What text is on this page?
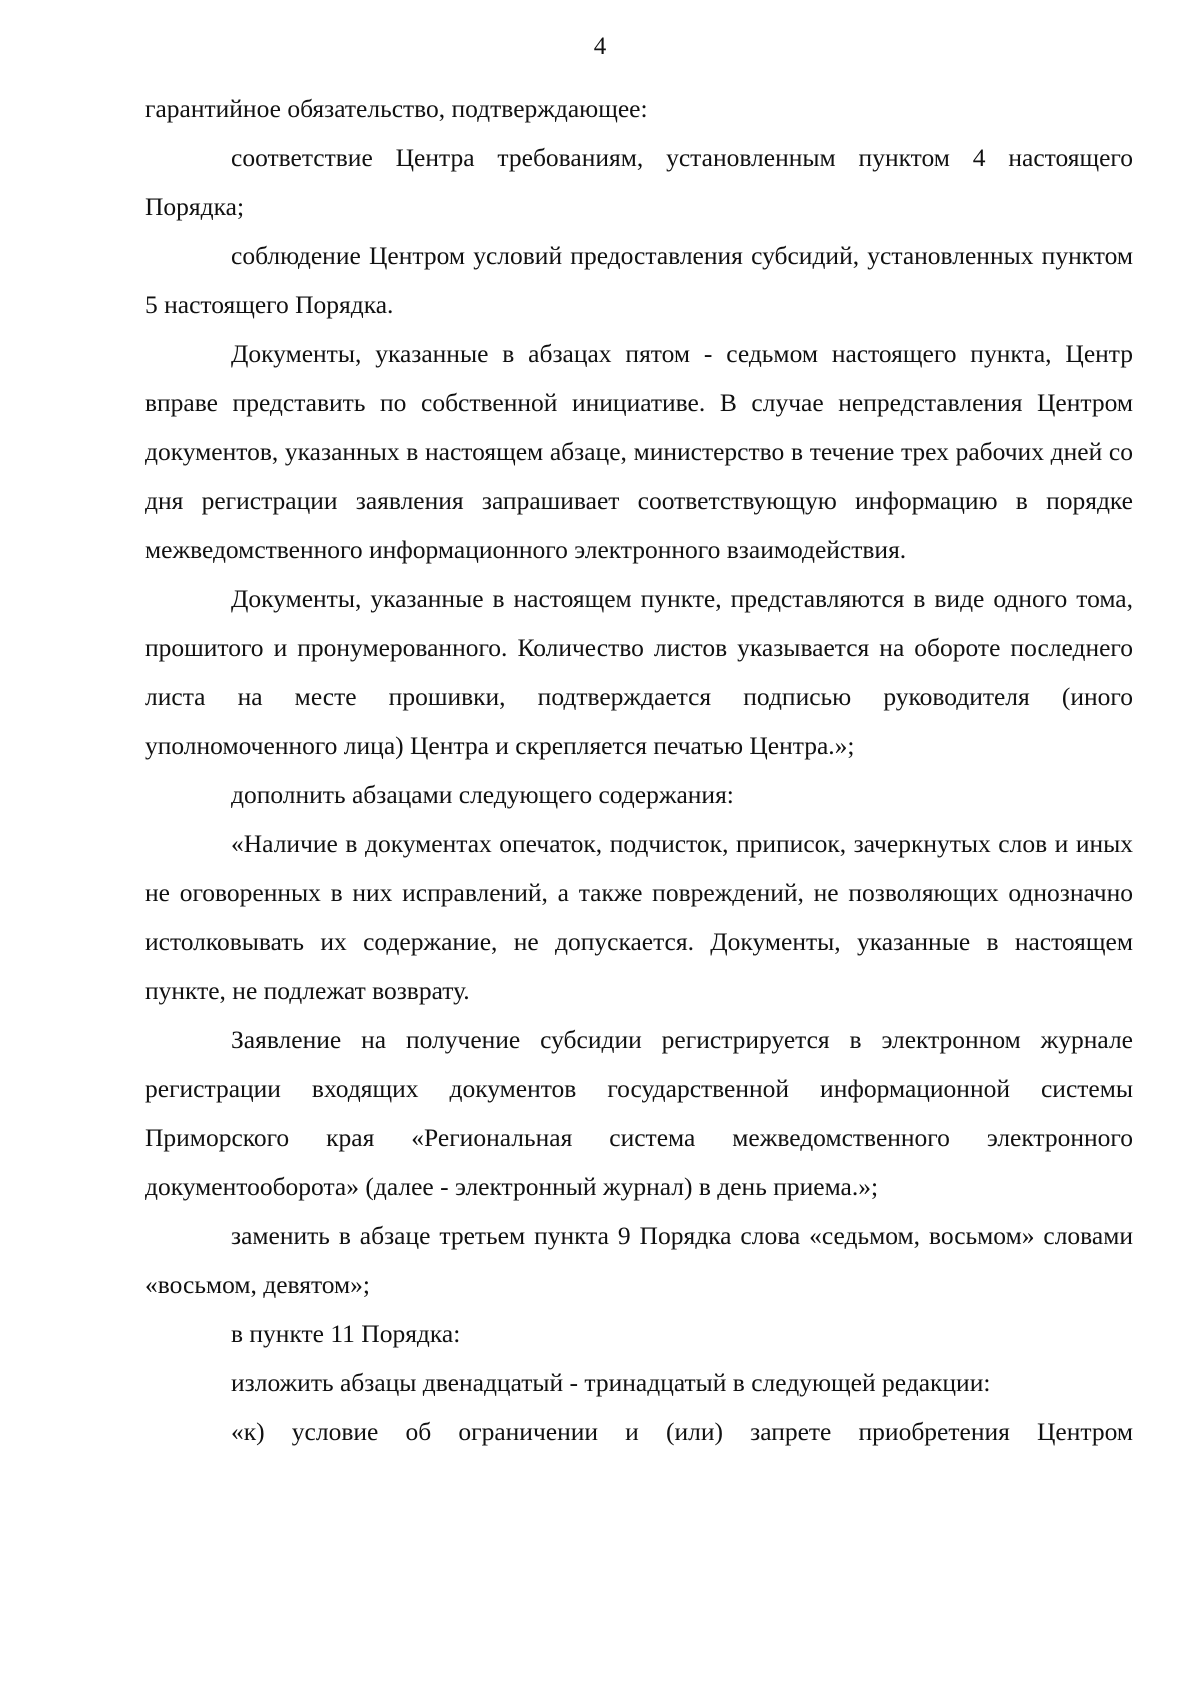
4

гарантийное обязательство, подтверждающее:

соответствие Центра требованиям, установленным пунктом 4 настоящего Порядка;

соблюдение Центром условий предоставления субсидий, установленных пунктом 5 настоящего Порядка.

Документы, указанные в абзацах пятом - седьмом настоящего пункта, Центр вправе представить по собственной инициативе. В случае непредставления Центром документов, указанных в настоящем абзаце, министерство в течение трех рабочих дней со дня регистрации заявления запрашивает соответствующую информацию в порядке межведомственного информационного электронного взаимодействия.

Документы, указанные в настоящем пункте, представляются в виде одного тома, прошитого и пронумерованного. Количество листов указывается на обороте последнего листа на месте прошивки, подтверждается подписью руководителя (иного уполномоченного лица) Центра и скрепляется печатью Центра.»;

дополнить абзацами следующего содержания:

«Наличие в документах опечаток, подчисток, приписок, зачеркнутых слов и иных не оговоренных в них исправлений, а также повреждений, не позволяющих однозначно истолковывать их содержание, не допускается. Документы, указанные в настоящем пункте, не подлежат возврату.

Заявление на получение субсидии регистрируется в электронном журнале регистрации входящих документов государственной информационной системы Приморского края «Региональная система межведомственного электронного документооборота» (далее - электронный журнал) в день приема.»;

заменить в абзаце третьем пункта 9 Порядка слова «седьмом, восьмом» словами «восьмом, девятом»;

в пункте 11 Порядка:

изложить абзацы двенадцатый - тринадцатый в следующей редакции:

«к) условие об ограничении и (или) запрете приобретения Центром
